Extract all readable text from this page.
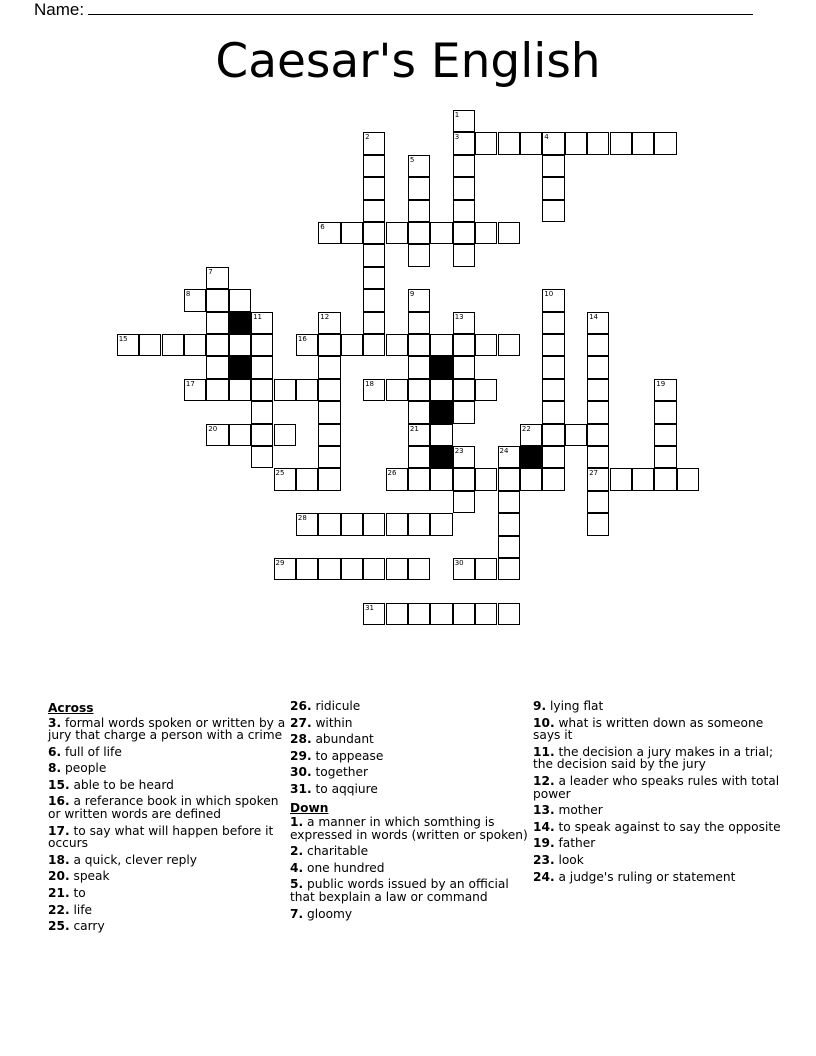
Name:
Caesar's English
1
2	3	4
5
6
7
8	9	10
11	12	13	14
15	16
17	18	19
20	21	22
23	24
25	26	27
28
29	30
31
Across
3. formal words spoken or written by a jury that charge a person with a crime
6. full of life
8. people
15. able to be heard
16. a referance book in which spoken or written words are defined
17. to say what will happen before it occurs
18. a quick, clever reply
20. speak
21. to
22. life
25. carry
26. ridicule
27. within
28. abundant
29. to appease
30. together
31. to aqqiure
Down
1. a manner in which somthing is expressed in words (written or spoken)
2. charitable
4. one hundred
5. public words issued by an official that bexplain a law or command
7. gloomy
9. lying flat
10. what is written down as someone says it
11. the decision a jury makes in a trial; the decision said by the jury
12. a leader who speaks rules with total power
13. mother
14. to speak against to say the opposite
19. father
23. look
24. a judge's ruling or statement
